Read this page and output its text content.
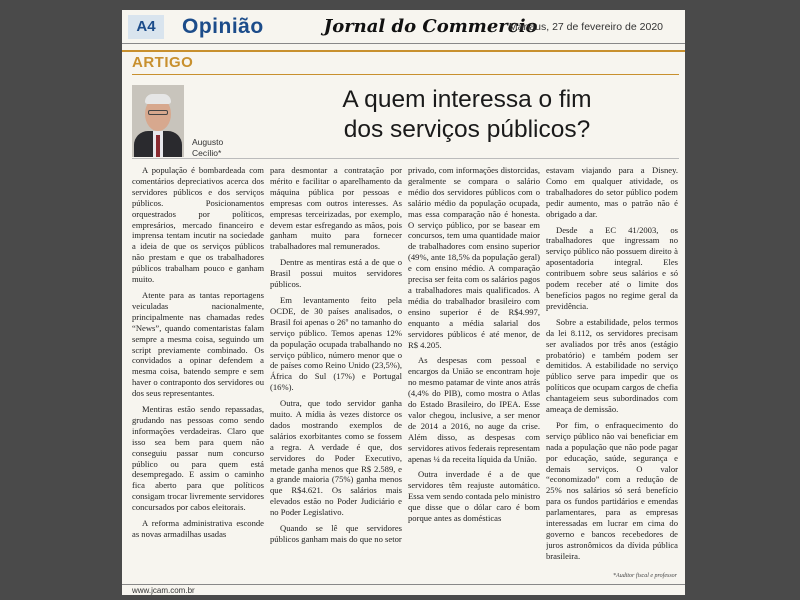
A4	Opinião	Jornal do Commercio
Manaus, 27 de fevereiro de 2020
ARTIGO
Augusto
Cecílio*
A quem interessa o fim
dos serviços públicos?

A população é bombardeada com comentários depreciativos acerca dos servidores públicos e dos serviços públicos. Posicionamentos orquestrados por políticos, empresários, mercado financeiro e imprensa tentam incutir na sociedade a ideia de que os serviços públicos não prestam e que os trabalhadores públicos trabalham pouco e ganham muito.

Atente para as tantas reportagens veiculadas nacionalmente, principalmente nas chamadas redes “News”, quando comentaristas falam sempre a mesma coisa, seguindo um script previamente combinado. Os convidados a opinar defendem a mesma coisa, batendo sempre e sem haver o contraponto dos servidores ou dos seus representantes.

Mentiras estão sendo repassadas, grudando nas pessoas como sendo informações verdadeiras. Claro que isso sea bem para quem não conseguiu passar num concurso público ou para quem está desempregado. E assim o caminho fica aberto para que políticos consigam trocar livremente servidores concursados por cabos eleitorais.

A reforma administrativa esconde as novas armadilhas usadas

para desmontar a contratação por mérito e facilitar o aparelhamento da máquina pública por pessoas e empresas com outros interesses. As empresas terceirizadas, por exemplo, devem estar esfregando as mãos, pois ganham muito para fornecer trabalhadores mal remunerados.

Dentre as mentiras está a de que o Brasil possui muitos servidores públicos.

Em levantamento feito pela OCDE, de 30 países analisados, o Brasil foi apenas o 26º no tamanho do serviço público. Temos apenas 12% da população ocupada trabalhando no serviço público, número menor que o de países como Reino Unido (23,5%), África do Sul (17%) e Portugal (16%).

Outra, que todo servidor ganha muito. A mídia às vezes distorce os dados mostrando exemplos de salários exorbitantes como se fossem a regra. A verdade é que, dos servidores do Poder Executivo, metade ganha menos que R$ 2.589, e a grande maioria (75%) ganha menos que R$4.621. Os salários mais elevados estão no Poder Judiciário e no Poder Legislativo.

Quando se lê que servidores públicos ganham mais do que no setor

privado, com informações distorcidas, geralmente se compara o salário médio dos servidores públicos com o salário médio da população ocupada, mas essa comparação não é honesta. O serviço público, por se basear em concursos, tem uma quantidade maior de trabalhadores com ensino superior (49%, ante 18,5% da população geral) e com ensino médio. A comparação precisa ser feita com os salários pagos a trabalhadores mais qualificados. A média do trabalhador brasileiro com ensino superior é de R$4.997, enquanto a média salarial dos servidores públicos é até menor, de R$ 4.205.

As despesas com pessoal e encargos da União se encontram hoje no mesmo patamar de vinte anos atrás (4,4% do PIB), como mostra o Atlas do Estado Brasileiro, do IPEA. Esse valor chegou, inclusive, a ser menor de 2014 a 2016, no auge da crise. Além disso, as despesas com servidores ativos federais representam apenas ¼ da receita líquida da União.

Outra inverdade é a de que servidores têm reajuste automático. Essa vem sendo contada pelo ministro que disse que o dólar caro é bom porque antes as domésticas

estavam viajando para a Disney. Como em qualquer atividade, os trabalhadores do setor público podem pedir aumento, mas o patrão não é obrigado a dar.

Desde a EC 41/2003, os trabalhadores que ingressam no serviço público não possuem direito à aposentadoria integral. Eles contribuem sobre seus salários e só podem receber até o limite dos benefícios pagos no regime geral da previdência.

Sobre a estabilidade, pelos termos da lei 8.112, os servidores precisam ser avaliados por três anos (estágio probatório) e também podem ser demitidos. A estabilidade no serviço público serve para impedir que os políticos que ocupam cargos de chefia chantageiem seus subordinados com ameaça de demissão.

Por fim, o enfraquecimento do serviço público não vai beneficiar em nada a população que não pode pagar por educação, saúde, segurança e demais serviços. O valor “economizado” com a redução de 25% nos salários só será benefício para os fundos partidários e emendas parlamentares, para as empresas interessadas em lucrar em cima do governo e bancos recebedores de juros astronômicos da dívida pública brasileira.

*Auditor fiscal e professor
www.jcam.com.br
